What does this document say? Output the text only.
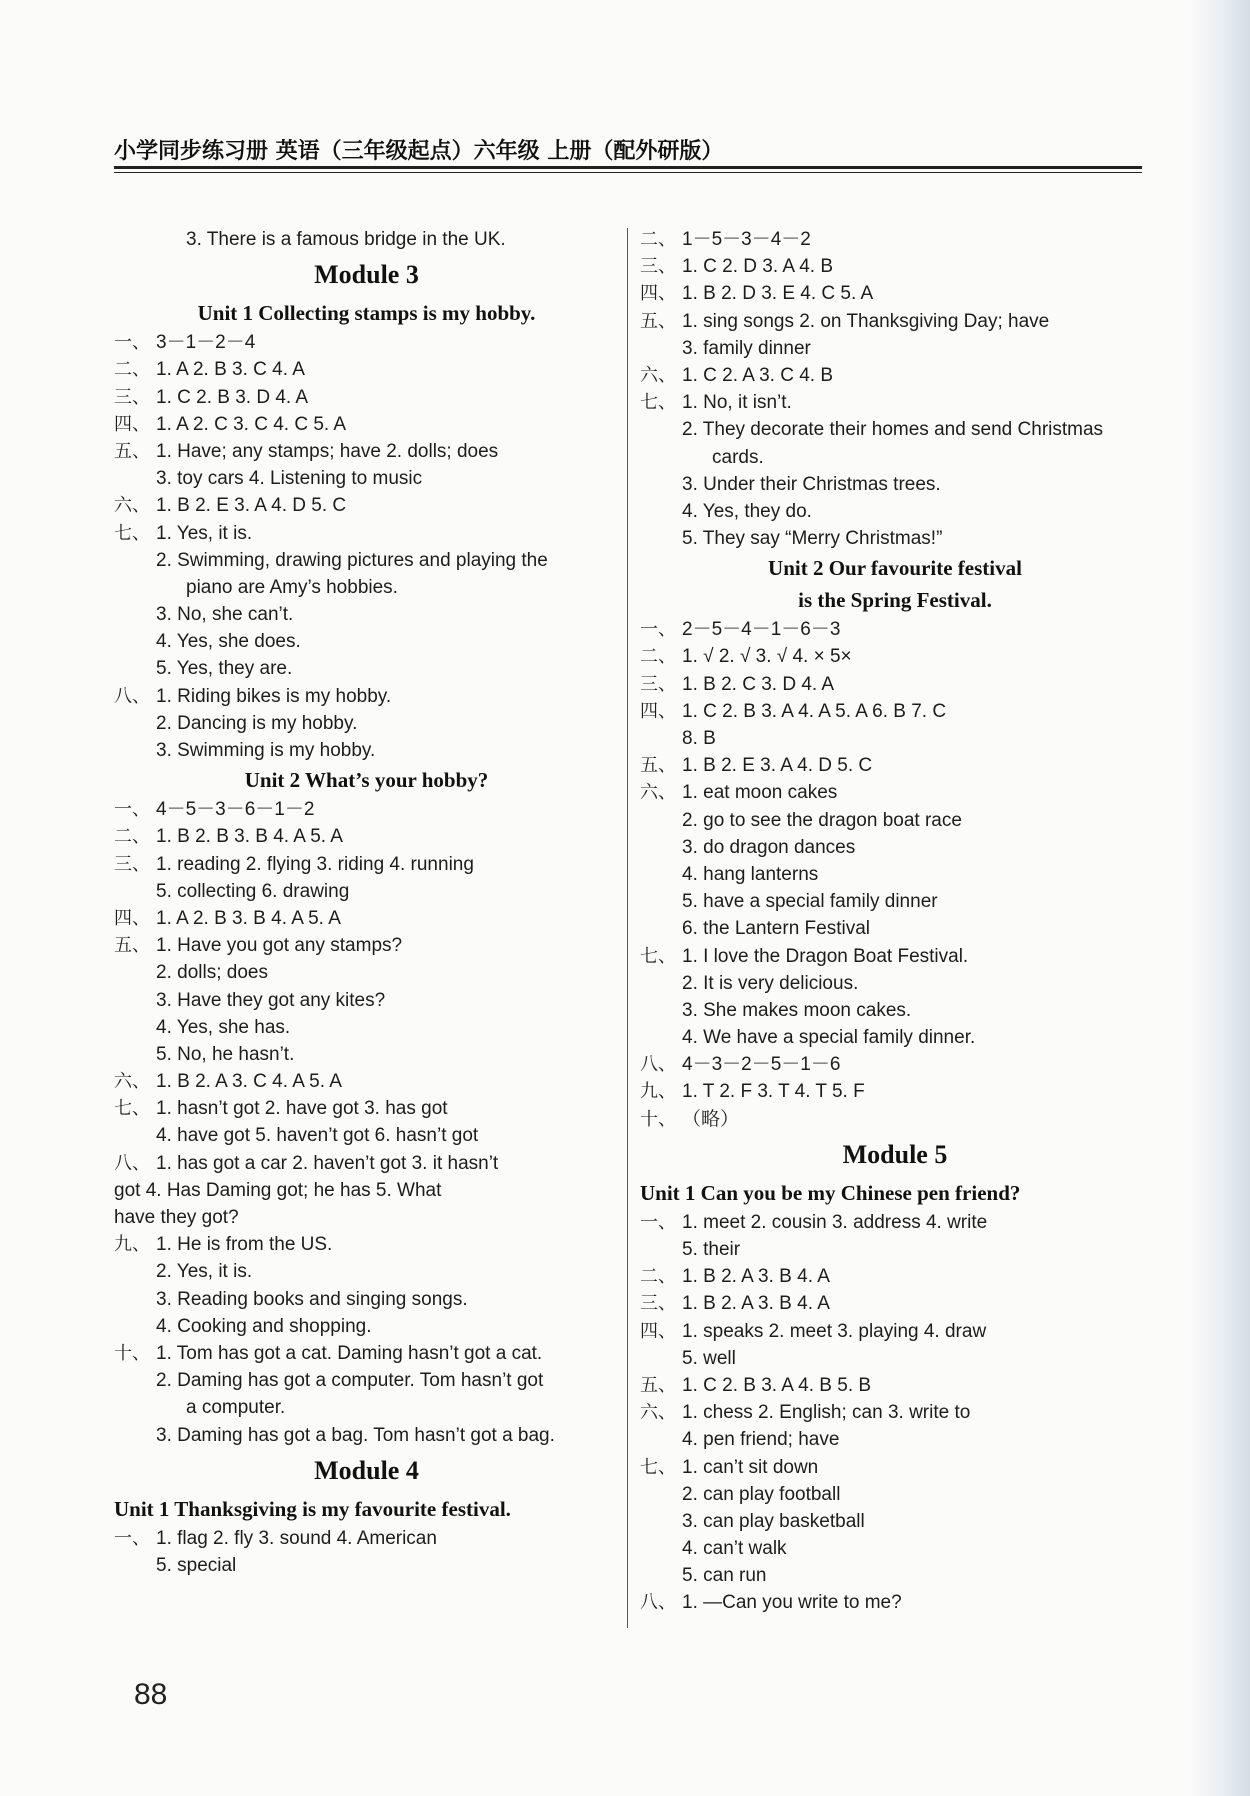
小学同步练习册 英语（三年级起点）六年级 上册（配外研版）
3. There is a famous bridge in the UK.
Module 3
Unit 1 Collecting stamps is my hobby.
一、 3－1－2－4
二、 1. A 2. B 3. C 4. A
三、 1. C 2. B 3. D 4. A
四、 1. A 2. C 3. C 4. C 5. A
五、 1. Have; any stamps; have 2. dolls; does
3. toy cars 4. Listening to music
六、 1. B 2. E 3. A 4. D 5. C
七、 1. Yes, it is.
2. Swimming, drawing pictures and playing the
piano are Amy’s hobbies.
3. No, she can’t.
4. Yes, she does.
5. Yes, they are.
八、 1. Riding bikes is my hobby.
2. Dancing is my hobby.
3. Swimming is my hobby.
Unit 2 What’s your hobby?
一、 4－5－3－6－1－2
二、 1. B 2. B 3. B 4. A 5. A
三、 1. reading 2. flying 3. riding 4. running
5. collecting 6. drawing
四、 1. A 2. B 3. B 4. A 5. A
五、 1. Have you got any stamps?
2. dolls; does
3. Have they got any kites?
4. Yes, she has.
5. No, he hasn’t.
六、 1. B 2. A 3. C 4. A 5. A
七、 1. hasn’t got 2. have got 3. has got
4. have got 5. haven’t got 6. hasn’t got
八、 1. has got a car 2. haven’t got 3. it hasn’t
got 4. Has Daming got; he has 5. What
have they got?
九、 1. He is from the US.
2. Yes, it is.
3. Reading books and singing songs.
4. Cooking and shopping.
十、 1. Tom has got a cat. Daming hasn’t got a cat.
2. Daming has got a computer. Tom hasn’t got
a computer.
3. Daming has got a bag. Tom hasn’t got a bag.
Module 4
Unit 1 Thanksgiving is my favourite festival.
一、 1. flag 2. fly 3. sound 4. American
5. special
二、 1－5－3－4－2
三、 1. C 2. D 3. A 4. B
四、 1. B 2. D 3. E 4. C 5. A
五、 1. sing songs 2. on Thanksgiving Day; have
3. family dinner
六、 1. C 2. A 3. C 4. B
七、 1. No, it isn’t.
2. They decorate their homes and send Christmas
cards.
3. Under their Christmas trees.
4. Yes, they do.
5. They say “Merry Christmas!”
Unit 2 Our favourite festival
is the Spring Festival.
一、 2－5－4－1－6－3
二、 1. √ 2. √ 3. √ 4. × 5×
三、 1. B 2. C 3. D 4. A
四、 1. C 2. B 3. A 4. A 5. A 6. B 7. C
8. B
五、 1. B 2. E 3. A 4. D 5. C
六、 1. eat moon cakes
2. go to see the dragon boat race
3. do dragon dances
4. hang lanterns
5. have a special family dinner
6. the Lantern Festival
七、 1. I love the Dragon Boat Festival.
2. It is very delicious.
3. She makes moon cakes.
4. We have a special family dinner.
八、 4－3－2－5－1－6
九、 1. T 2. F 3. T 4. T 5. F
十、 （略）
Module 5
Unit 1 Can you be my Chinese pen friend?
一、 1. meet 2. cousin 3. address 4. write
5. their
二、 1. B 2. A 3. B 4. A
三、 1. B 2. A 3. B 4. A
四、 1. speaks 2. meet 3. playing 4. draw
5. well
五、 1. C 2. B 3. A 4. B 5. B
六、 1. chess 2. English; can 3. write to
4. pen friend; have
七、 1. can’t sit down
2. can play football
3. can play basketball
4. can’t walk
5. can run
八、 1. —Can you write to me?
88
